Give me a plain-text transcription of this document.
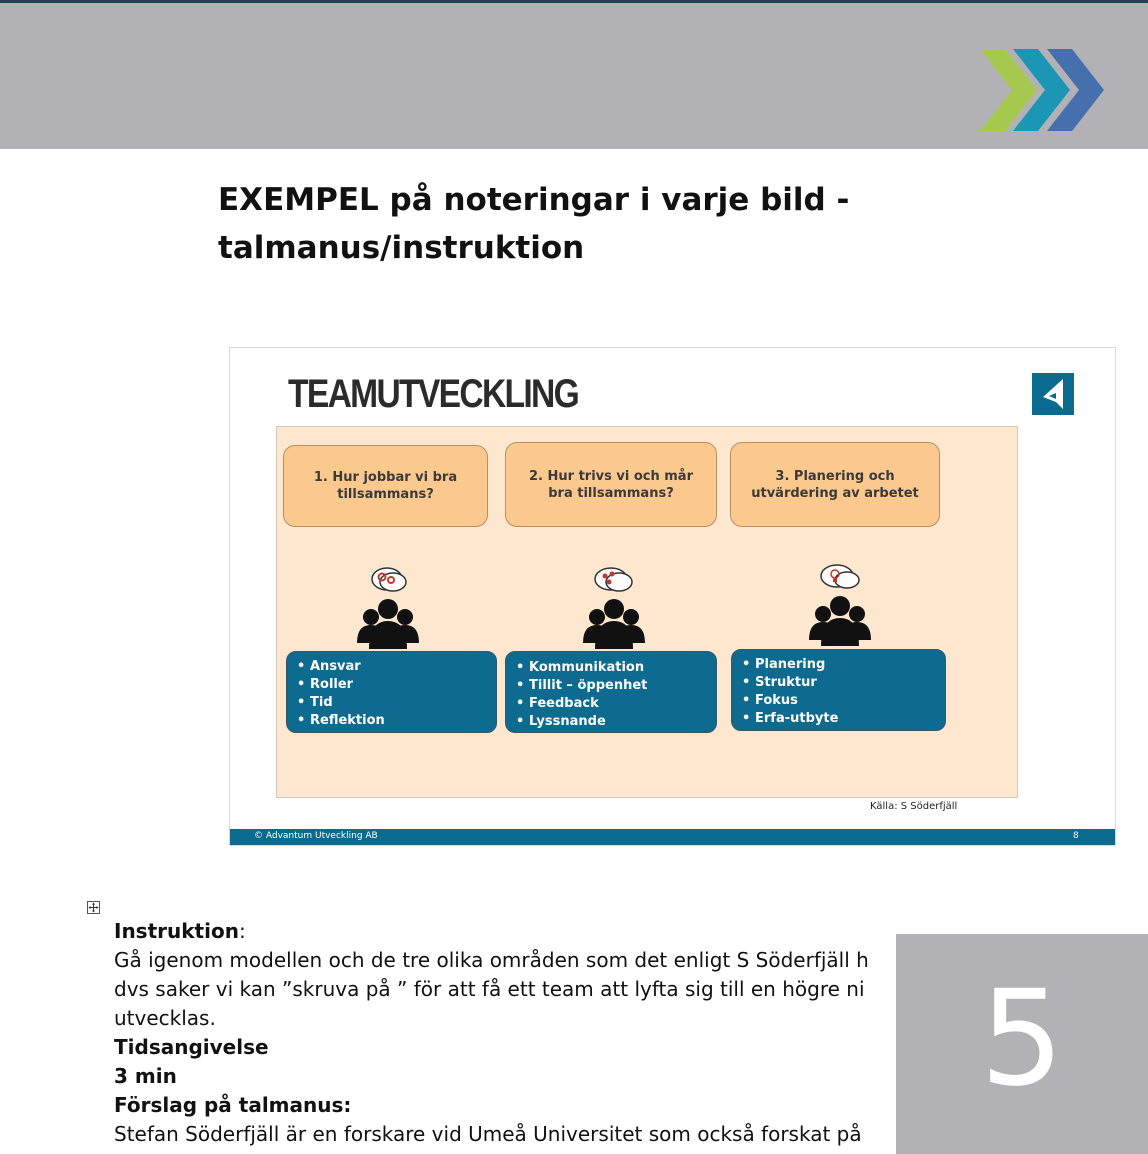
EXEMPEL på noteringar i varje bild -
talmanus/instruktion
TEAMUTVECKLING
1. Hur jobbar vi bra tillsammans?
2. Hur trivs vi och mår bra tillsammans?
3. Planering och utvärdering av arbetet
• Ansvar
• Roller
• Tid
• Reflektion
• Kommunikation
• Tillit – öppenhet
• Feedback
• Lyssnande
• Planering
• Struktur
• Fokus
• Erfa-utbyte
Källa: S Söderfjäll
© Advantum Utveckling AB	8

Instruktion:

Gå igenom modellen och de tre olika områden som det enligt S Söderfjäll h

dvs saker vi kan ”skruva på ” för att få ett team att lyfta sig till en högre ni

utvecklas.

Tidsangivelse

3 min

Förslag på talmanus:

Stefan Söderfjäll är en forskare vid Umeå Universitet som också forskat på

5
